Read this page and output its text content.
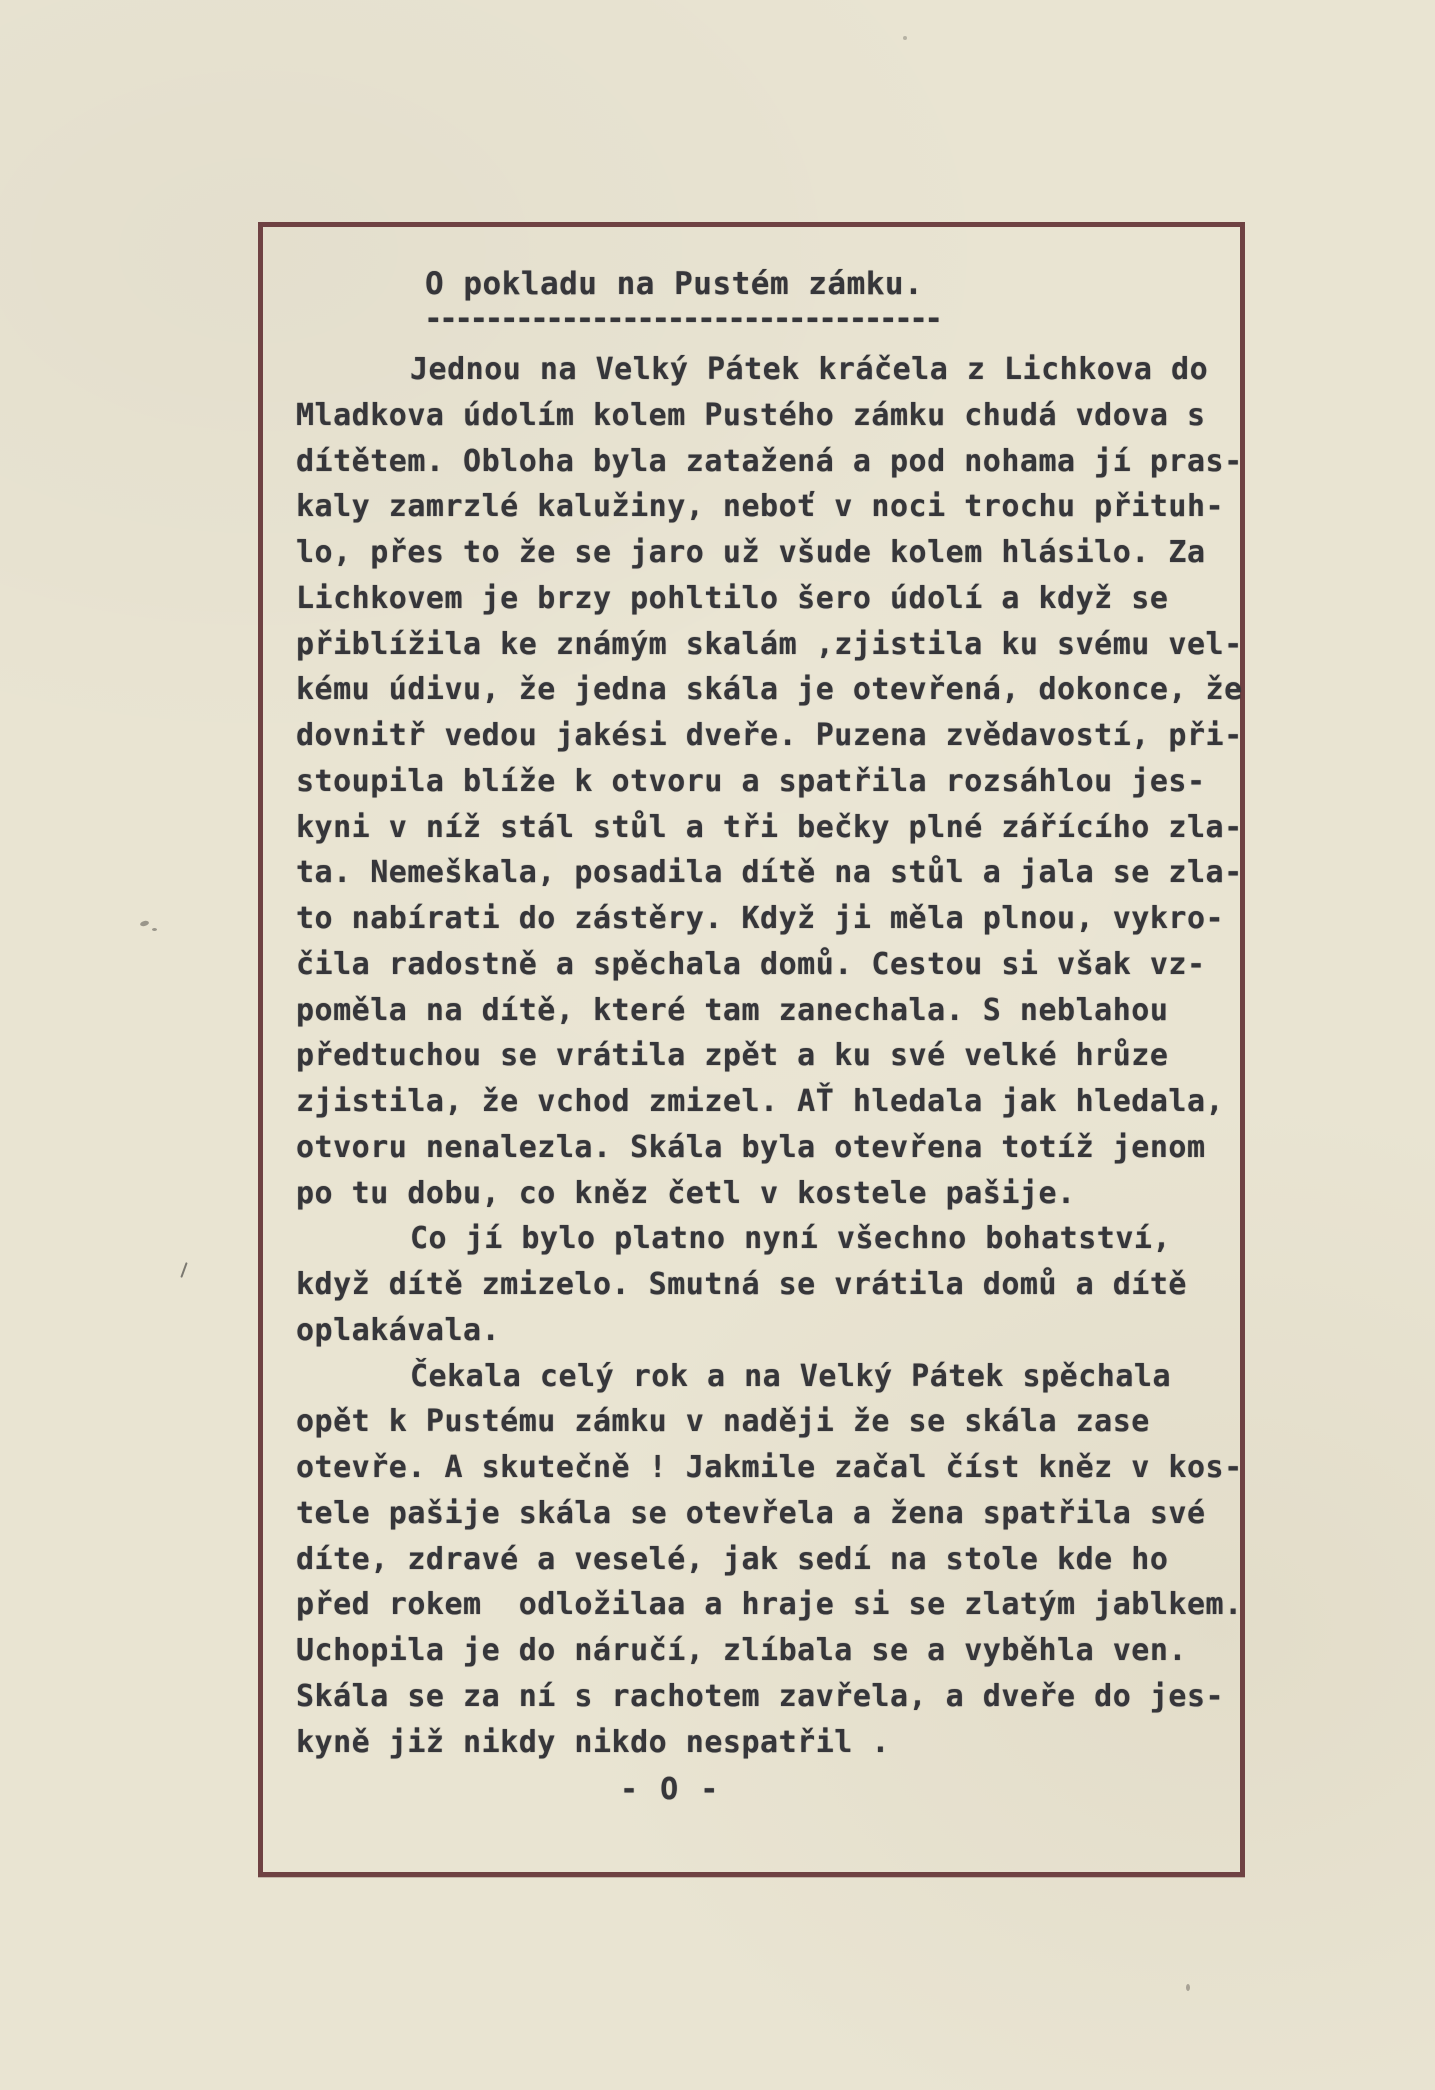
O pokladu na Pustém zámku.
----------------------------------
Jednou na Velký Pátek kráčela z Lichkova do
Mladkova údolím kolem Pustého zámku chudá vdova s
dítětem. Obloha byla zatažená a pod nohama jí pras-
kaly zamrzlé kalužiny, neboť v noci trochu přituh-
lo, přes to že se jaro už všude kolem hlásilo. Za
Lichkovem je brzy pohltilo šero údolí a když se
přiblížila ke známým skalám ,zjistila ku svému vel-
kému údivu, že jedna skála je otevřená, dokonce, že
dovnitř vedou jakési dveře. Puzena zvědavostí, při-
stoupila blíže k otvoru a spatřila rozsáhlou jes-
kyni v níž stál stůl a tři bečky plné zářícího zla-
ta. Nemeškala, posadila dítě na stůl a jala se zla-
to nabírati do zástěry. Když ji měla plnou, vykro-
čila radostně a spěchala domů. Cestou si však vz-
poměla na dítě, které tam zanechala. S neblahou
předtuchou se vrátila zpět a ku své velké hrůze
zjistila, že vchod zmizel. AŤ hledala jak hledala,
otvoru nenalezla. Skála byla otevřena totíž jenom
po tu dobu, co kněz četl v kostele pašije.
Co jí bylo platno nyní všechno bohatství,
když dítě zmizelo. Smutná se vrátila domů a dítě
oplakávala.
Čekala celý rok a na Velký Pátek spěchala
opět k Pustému zámku v naději že se skála zase
otevře. A skutečně ! Jakmile začal číst kněz v kos-
tele pašije skála se otevřela a žena spatřila své
díte, zdravé a veselé, jak sedí na stole kde ho
před rokem  odložilaa a hraje si se zlatým jablkem.
Uchopila je do náručí, zlíbala se a vyběhla ven.
Skála se za ní s rachotem zavřela, a dveře do jes-
kyně již nikdy nikdo nespatřil .
- O -
